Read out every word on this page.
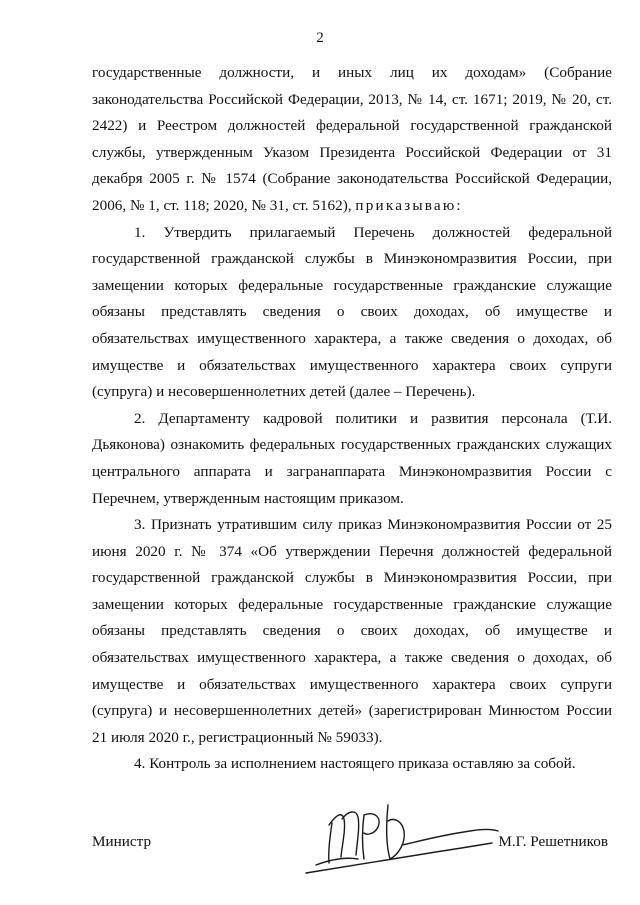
2

государственные должности, и иных лиц их доходам» (Собрание законодательства Российской Федерации, 2013, № 14, ст. 1671; 2019, № 20, ст. 2422) и Реестром должностей федеральной государственной гражданской службы, утвержденным Указом Президента Российской Федерации от 31 декабря 2005 г. № 1574 (Собрание законодательства Российской Федерации, 2006, № 1, ст. 118; 2020, № 31, ст. 5162), приказываю:

1. Утвердить прилагаемый Перечень должностей федеральной государственной гражданской службы в Минэкономразвития России, при замещении которых федеральные государственные гражданские служащие обязаны представлять сведения о своих доходах, об имуществе и обязательствах имущественного характера, а также сведения о доходах, об имуществе и обязательствах имущественного характера своих супруги (супруга) и несовершеннолетних детей (далее – Перечень).

2. Департаменту кадровой политики и развития персонала (Т.И. Дьяконова) ознакомить федеральных государственных гражданских служащих центрального аппарата и загранаппарата Минэкономразвития России с Перечнем, утвержденным настоящим приказом.

3. Признать утратившим силу приказ Минэкономразвития России от 25 июня 2020 г. № 374 «Об утверждении Перечня должностей федеральной государственной гражданской службы в Минэкономразвития России, при замещении которых федеральные государственные гражданские служащие обязаны представлять сведения о своих доходах, об имуществе и обязательствах имущественного характера, а также сведения о доходах, об имуществе и обязательствах имущественного характера своих супруги (супруга) и несовершеннолетних детей» (зарегистрирован Минюстом России 21 июля 2020 г., регистрационный № 59033).

4. Контроль за исполнением настоящего приказа оставляю за собой.

Министр	М.Г. Решетников
